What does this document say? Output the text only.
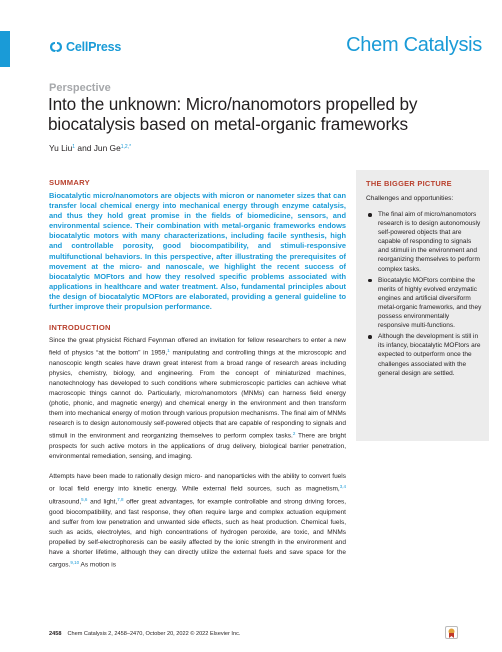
CellPress	Chem Catalysis
Perspective
Into the unknown: Micro/nanomotors propelled by biocatalysis based on metal-organic frameworks
Yu Liu$^1$ and Jun $Ge^{1,2,*}$
SUMMARY

Biocatalytic micro/nanomotors are objects with micron or nanometer sizes that can transfer local chemical energy into mechanical energy through enzyme catalysis, and thus they hold great promise in the fields of biomedicine, sensors, and environmental science. Their combination with metal-organic frameworks endows biocatalytic motors with many characterizations, including facile synthesis, high and controllable porosity, good biocompatibility, and stimuli-responsive multifunctional behaviors. In this perspective, after illustrating the prerequisites of movement at the micro- and nanoscale, we highlight the recent success of biocatalytic MOFtors and how they resolved specific problems associated with applications in healthcare and water treatment. Also, fundamental principles about the design of biocatalytic MOFtors are elaborated, providing a general guideline to further improve their propulsion performance.

INTRODUCTION

Since the great physicist Richard Feynman offered an invitation for fellow researchers to enter a new field of physics “at the bottom” in 1959,$^1$ manipulating and controlling things at the microscopic and nanoscopic length scales have drawn great interest from a broad range of research areas including physics, chemistry, biology, and engineering. From the concept of miniaturized machines, nanotechnology has developed to such conditions where submicroscopic particles can achieve what macroscopic things cannot do. Particularly, micro/nanomotors (MNMs) can harness field energy (photic, phonic, and magnetic energy) and chemical energy in the environment and then transform them into mechanical energy of motion through various propulsion mechanisms. The final aim of MNMs research is to design autonomously self-powered objects that are capable of responding to signals and stimuli in the environment and reorganizing themselves to perform complex tasks.$^2$ There are bright prospects for such active motors in the applications of drug delivery, biological barrier penetration, environmental remediation, sensing, and imaging.

Attempts have been made to rationally design micro- and nanoparticles with the ability to convert fuels or local field energy into kinetic energy. While external field sources, such as magnetism,$^{3,4}$ ultrasound,$^{5,6}$ and light,$^{7,8}$ offer great advantages, for example controllable and strong driving forces, good biocompatibility, and fast response, they often require large and complex actuation equipment and suffer from low penetration and unwanted side effects, such as heat production. Chemical fuels, such as acids, electrolytes, and high concentrations of hydrogen peroxide, are toxic, and MNMs propelled by self-electrophoresis can be easily affected by the ionic strength in the environment and have a shorter lifetime, although they can directly utilize the external fuels and save space for the cargos.$^{9,10}$ As motion is

THE BIGGER PICTURE
Challenges and opportunities:
The final aim of micro/nanomotors research is to design autonomously self-powered objects that are capable of responding to signals and stimuli in the environment and reorganizing themselves to perform complex tasks.
Biocatalytic MOFtors combine the merits of highly evolved enzymatic engines and artificial diversiform metal-organic frameworks, and they possess environmentally responsive multi-functions.
Although the development is still in its infancy, biocatalytic MOFtors are expected to outperform once the challenges associated with the general design are settled.
2458 Chem Catalysis 2, 2458–2470, October 20, 2022 © 2022 Elsevier Inc.
